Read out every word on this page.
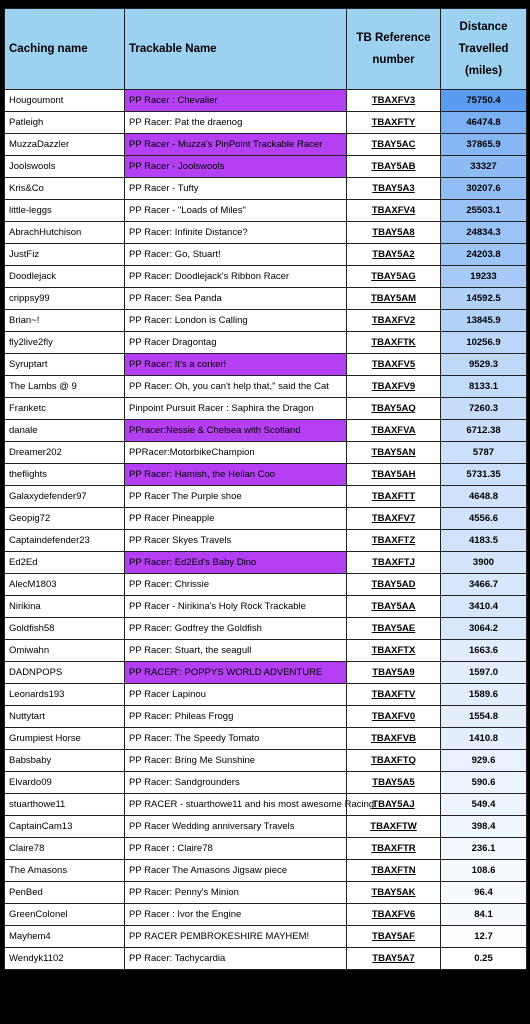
Caching name	Trackable Name	TB Reference number	Distance Travelled (miles)
Hougoumont	PP Racer : Chevalier	TBAXFV3	75750.4
Patleigh	PP Racer: Pat the draenog	TBAXFTY	46474.8
MuzzaDazzler	PP Racer - Muzza's PinPoint Trackable Racer	TBAY5AC	37865.9
Joolswools	PP Racer - Joolswools	TBAY5AB	33327
Kris&Co	PP Racer - Tufty	TBAY5A3	30207.6
little-leggs	PP Racer - "Loads of Miles"	TBAXFV4	25503.1
AbrachHutchison	PP Racer: Infinite Distance?	TBAY5A8	24834.3
JustFiz	PP Racer: Go, Stuart!	TBAY5A2	24203.8
Doodlejack	PP Racer: Doodlejack's Ribbon Racer	TBAY5AG	19233
crippsy99	PP Racer: Sea Panda	TBAY5AM	14592.5
Brian~!	PP Racer: London is Calling	TBAXFV2	13845.9
fly2live2fly	PP Racer Dragontag	TBAXFTK	10256.9
Syruptart	PP Racer: It's a corker!	TBAXFV5	9529.3
The Lambs @ 9	PP Racer: Oh, you can't help that," said the Cat	TBAXFV9	8133.1
Franketc	Pinpoint Pursuit Racer : Saphira the Dragon	TBAY5AQ	7260.3
danale	PPracer:Nessie & Chelsea with Scotland	TBAXFVA	6712.38
Dreamer202	PPRacer:MotorbikeChampion	TBAY5AN	5787
theflights	PP Racer: Hamish, the Heilan Coo	TBAY5AH	5731.35
Galaxydefender97	PP Racer The Purple shoe	TBAXFTT	4648.8
Geopig72	PP Racer Pineapple	TBAXFV7	4556.6
Captaindefender23	PP Racer Skyes Travels	TBAXFTZ	4183.5
Ed2Ed	PP Racer: Ed2Ed's Baby Dino	TBAXFTJ	3900
AlecM1803	PP Racer: Chrissie	TBAY5AD	3466.7
Nirikina	PP Racer - Nirikina's Holy Rock Trackable	TBAY5AA	3410.4
Goldfish58	PP Racer: Godfrey the Goldfish	TBAY5AE	3064.2
Omiwahn	PP Racer: Stuart, the seagull	TBAXFTX	1663.6
DADNPOPS	PP RACER': POPPYS WORLD ADVENTURE	TBAY5A9	1597.0
Leonards193	PP Racer Lapinou	TBAXFTV	1589.6
Nuttytart	PP Racer: Phileas Frogg	TBAXFV0	1554.8
Grumpiest Horse	PP Racer: The Speedy Tomato	TBAXFVB	1410.8
Babsbaby	PP Racer: Bring Me Sunshine	TBAXFTQ	929.6
Elvardo09	PP Racer: Sandgrounders	TBAY5A5	590.6
stuarthowe11	PP RACER - stuarthowe11 and his most awesome Racing	TBAY5AJ	549.4
CaptainCam13	PP Racer Wedding anniversary Travels	TBAXFTW	398.4
Claire78	PP Racer : Claire78	TBAXFTR	236.1
The Amasons	PP Racer The Amasons Jigsaw piece	TBAXFTN	108.6
PenBed	PP Racer: Penny's Minion	TBAY5AK	96.4
GreenColonel	PP Racer : Ivor the Engine	TBAXFV6	84.1
Mayhem4	PP RACER PEMBROKESHIRE MAYHEM!	TBAY5AF	12.7
Wendyk1102	PP Racer: Tachycardia	TBAY5A7	0.25
